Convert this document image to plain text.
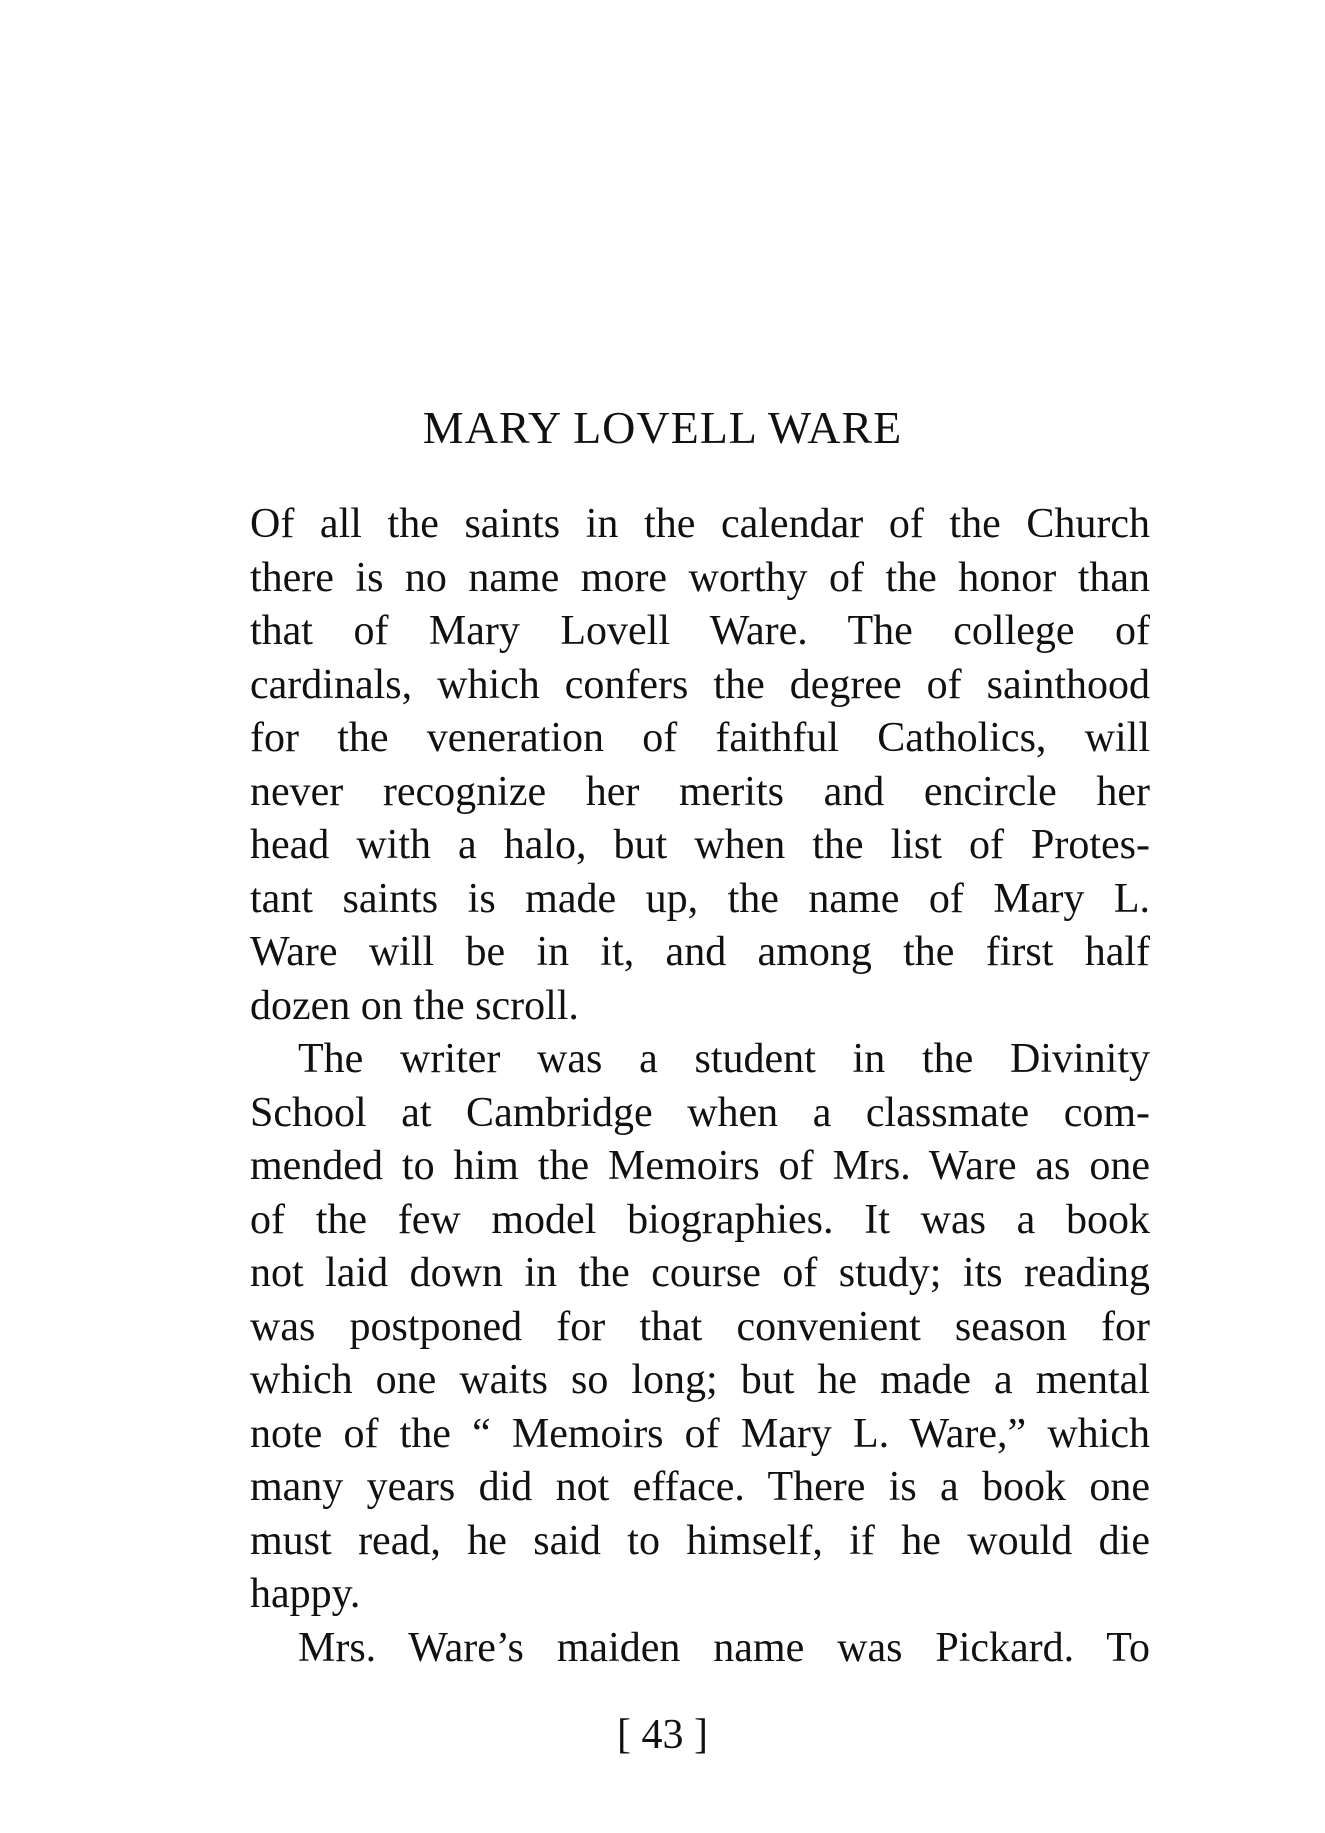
MARY LOVELL WARE
Of all the saints in the calendar of the Church
there is no name more worthy of the honor than
that of Mary Lovell Ware. The college of
cardinals, which confers the degree of sainthood
for the veneration of faithful Catholics, will
never recognize her merits and encircle her
head with a halo, but when the list of Protes-
tant saints is made up, the name of Mary L.
Ware will be in it, and among the first half
dozen on the scroll.
The writer was a student in the Divinity
School at Cambridge when a classmate com-
mended to him the Memoirs of Mrs. Ware as one
of the few model biographies. It was a book
not laid down in the course of study; its reading
was postponed for that convenient season for
which one waits so long; but he made a mental
note of the “ Memoirs of Mary L. Ware,” which
many years did not efface. There is a book one
must read, he said to himself, if he would die
happy.
Mrs. Ware’s maiden name was Pickard. To
[ 43 ]
